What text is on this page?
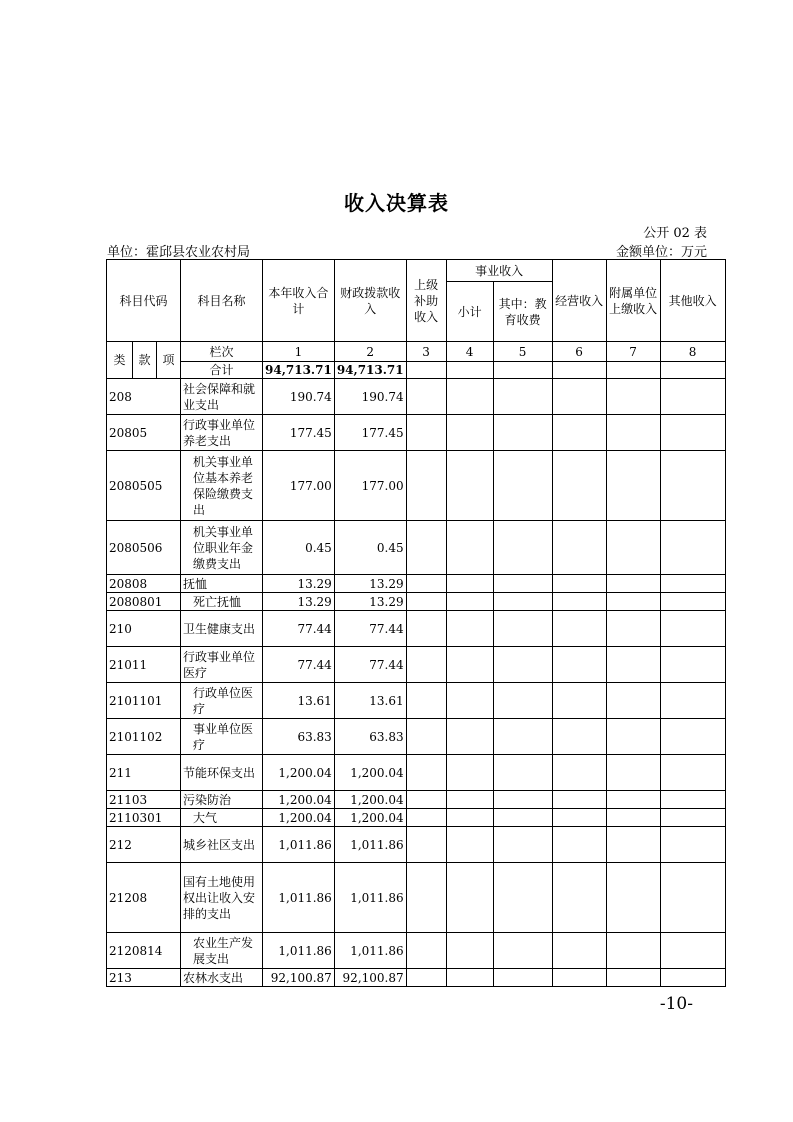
收入决算表
公开 02 表
单位：霍邱县农业农村局	金额单位：万元
科目代码			科目名称	本年收入合计	财政拨款收入	上级补助收入	事业收入		经营收入	附属单位上缴收入	其他收入
							小计	其中：教育收费			

类	款	项	栏次	1	2	3	4	5	6	7	8
			合计	94,713.71	94,713.71						
208			社会保障和就业支出	190.74	190.74						
20805			行政事业单位养老支出	177.45	177.45						
2080505			机关事业单位基本养老保险缴费支出	177.00	177.00						
2080506			机关事业单位职业年金缴费支出	0.45	0.45						
20808			抚恤	13.29	13.29						
2080801			死亡抚恤	13.29	13.29						
210			卫生健康支出	77.44	77.44						
21011			行政事业单位医疗	77.44	77.44						
2101101			行政单位医疗	13.61	13.61						
2101102			事业单位医疗	63.83	63.83						
211			节能环保支出	1,200.04	1,200.04						
21103			污染防治	1,200.04	1,200.04						
2110301			大气	1,200.04	1,200.04						
212			城乡社区支出	1,011.86	1,011.86						
21208			国有土地使用权出让收入安排的支出	1,011.86	1,011.86						
2120814			农业生产发展支出	1,011.86	1,011.86						
213			农林水支出	92,100.87	92,100.87						
-10-
